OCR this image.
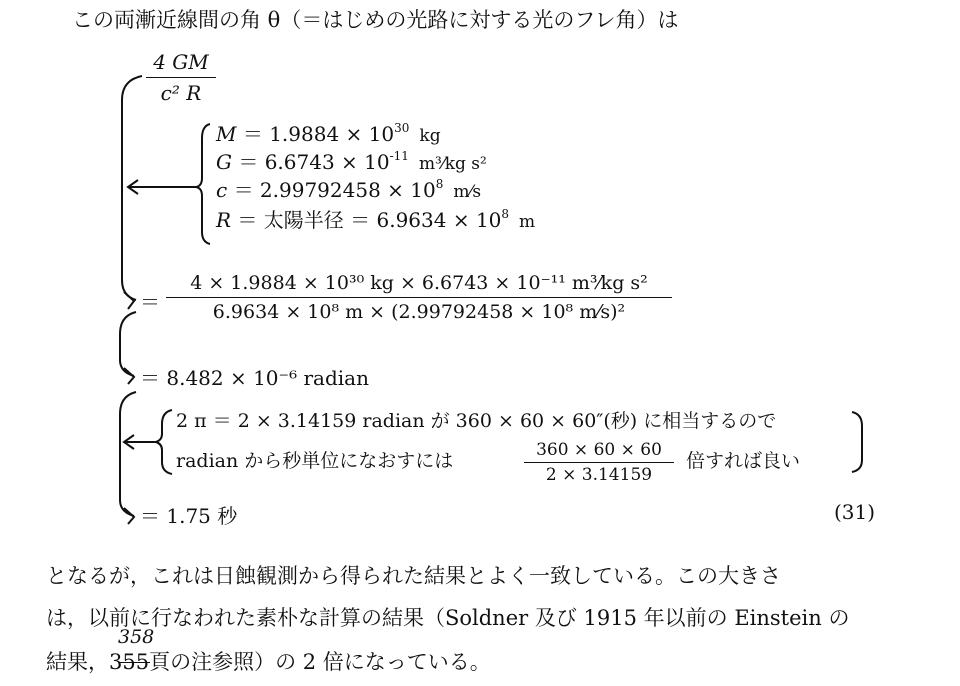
この両漸近線間の角 θ（＝はじめの光路に対する光のフレ角）は
4 GM
c² R
$M = 1.9884 \times 10^{30}$ kg
$G = 6.6743 \times 10^{-11}$ m³⁄kg s²
$c = 2.99792458 \times 10^8$ m⁄s
R ＝ 太陽半径 ＝ $6.9634 \times 10^8$ m
＝
4 × 1.9884 × 10³⁰ kg × 6.6743 × 10⁻¹¹ m³⁄kg s²
6.9634 × 10⁸ m × (2.99792458 × 10⁸ m⁄s)²
＝ 8.482 × 10⁻⁶ radian
2 π ＝ 2 × 3.14159 radian が 360 × 60 × 60″(秒) に相当するので
radian から秒単位になおすには	360 × 60 × 60
2 × 3.14159
倍すれば良い
＝ 1.75 秒	(31)
となるが，これは日蝕観測から得られた結果とよく一致している。この大きさ
は，以前に行なわれた素朴な計算の結果（Soldner 及び 1915 年以前の Einstein の
結果，355頁の注参照）の 2 倍になっている。
358
